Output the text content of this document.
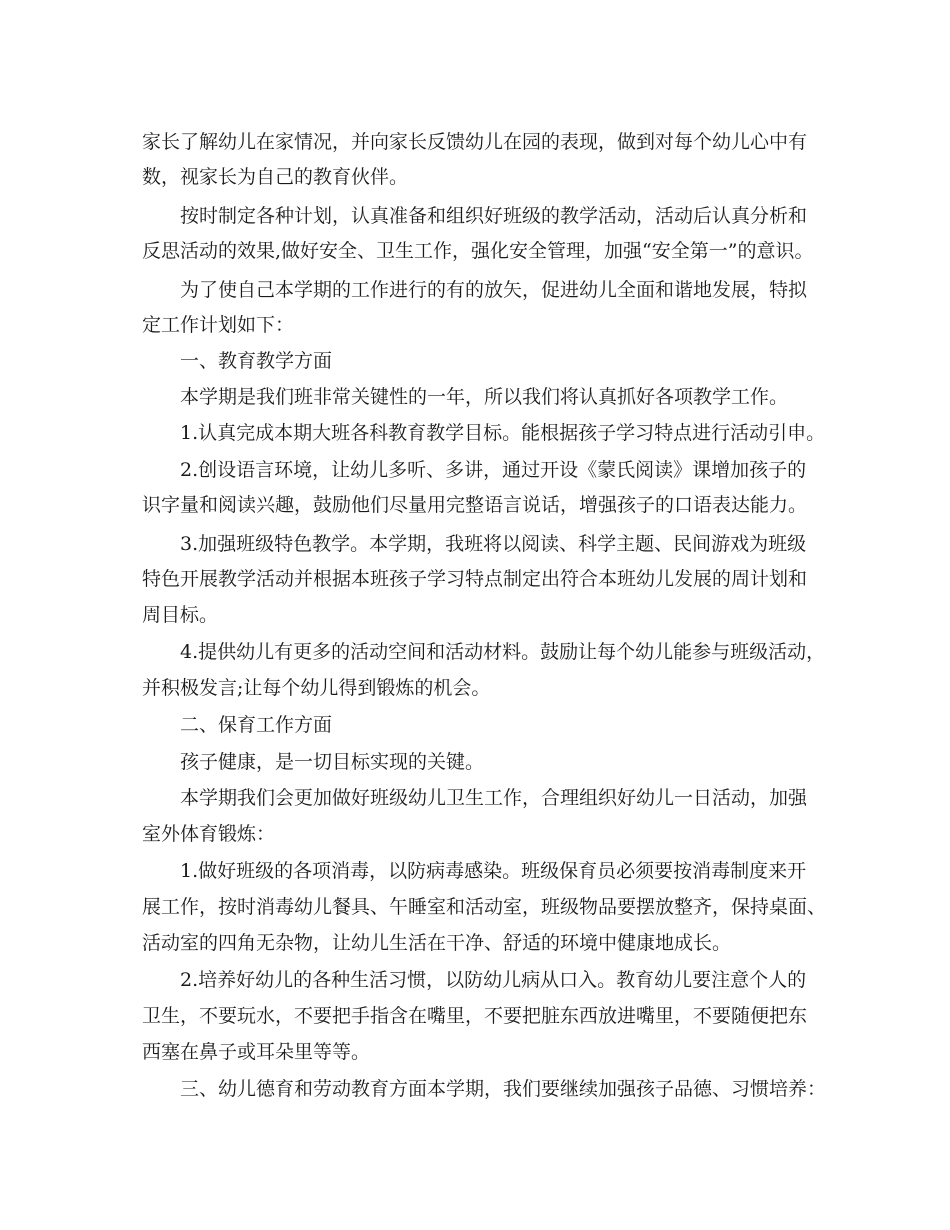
家长了解幼儿在家情况，并向家长反馈幼儿在园的表现，做到对每个幼儿心中有
数，视家长为自己的教育伙伴。
按时制定各种计划，认真准备和组织好班级的教学活动，活动后认真分析和
反思活动的效果,做好安全、卫生工作，强化安全管理，加强“安全第一”的意识。
为了使自己本学期的工作进行的有的放矢，促进幼儿全面和谐地发展，特拟
定工作计划如下：
一、教育教学方面
本学期是我们班非常关键性的一年，所以我们将认真抓好各项教学工作。
1.认真完成本期大班各科教育教学目标。能根据孩子学习特点进行活动引申。
2.创设语言环境，让幼儿多听、多讲，通过开设《蒙氏阅读》课增加孩子的
识字量和阅读兴趣，鼓励他们尽量用完整语言说话，增强孩子的口语表达能力。
3.加强班级特色教学。本学期，我班将以阅读、科学主题、民间游戏为班级
特色开展教学活动并根据本班孩子学习特点制定出符合本班幼儿发展的周计划和
周目标。
4.提供幼儿有更多的活动空间和活动材料。鼓励让每个幼儿能参与班级活动，
并积极发言;让每个幼儿得到锻炼的机会。
二、保育工作方面
孩子健康，是一切目标实现的关键。
本学期我们会更加做好班级幼儿卫生工作，合理组织好幼儿一日活动，加强
室外体育锻炼：
1.做好班级的各项消毒，以防病毒感染。班级保育员必须要按消毒制度来开
展工作，按时消毒幼儿餐具、午睡室和活动室，班级物品要摆放整齐，保持桌面、
活动室的四角无杂物，让幼儿生活在干净、舒适的环境中健康地成长。
2.培养好幼儿的各种生活习惯，以防幼儿病从口入。教育幼儿要注意个人的
卫生，不要玩水，不要把手指含在嘴里，不要把脏东西放进嘴里，不要随便把东
西塞在鼻子或耳朵里等等。
三、幼儿德育和劳动教育方面本学期，我们要继续加强孩子品德、习惯培养：
